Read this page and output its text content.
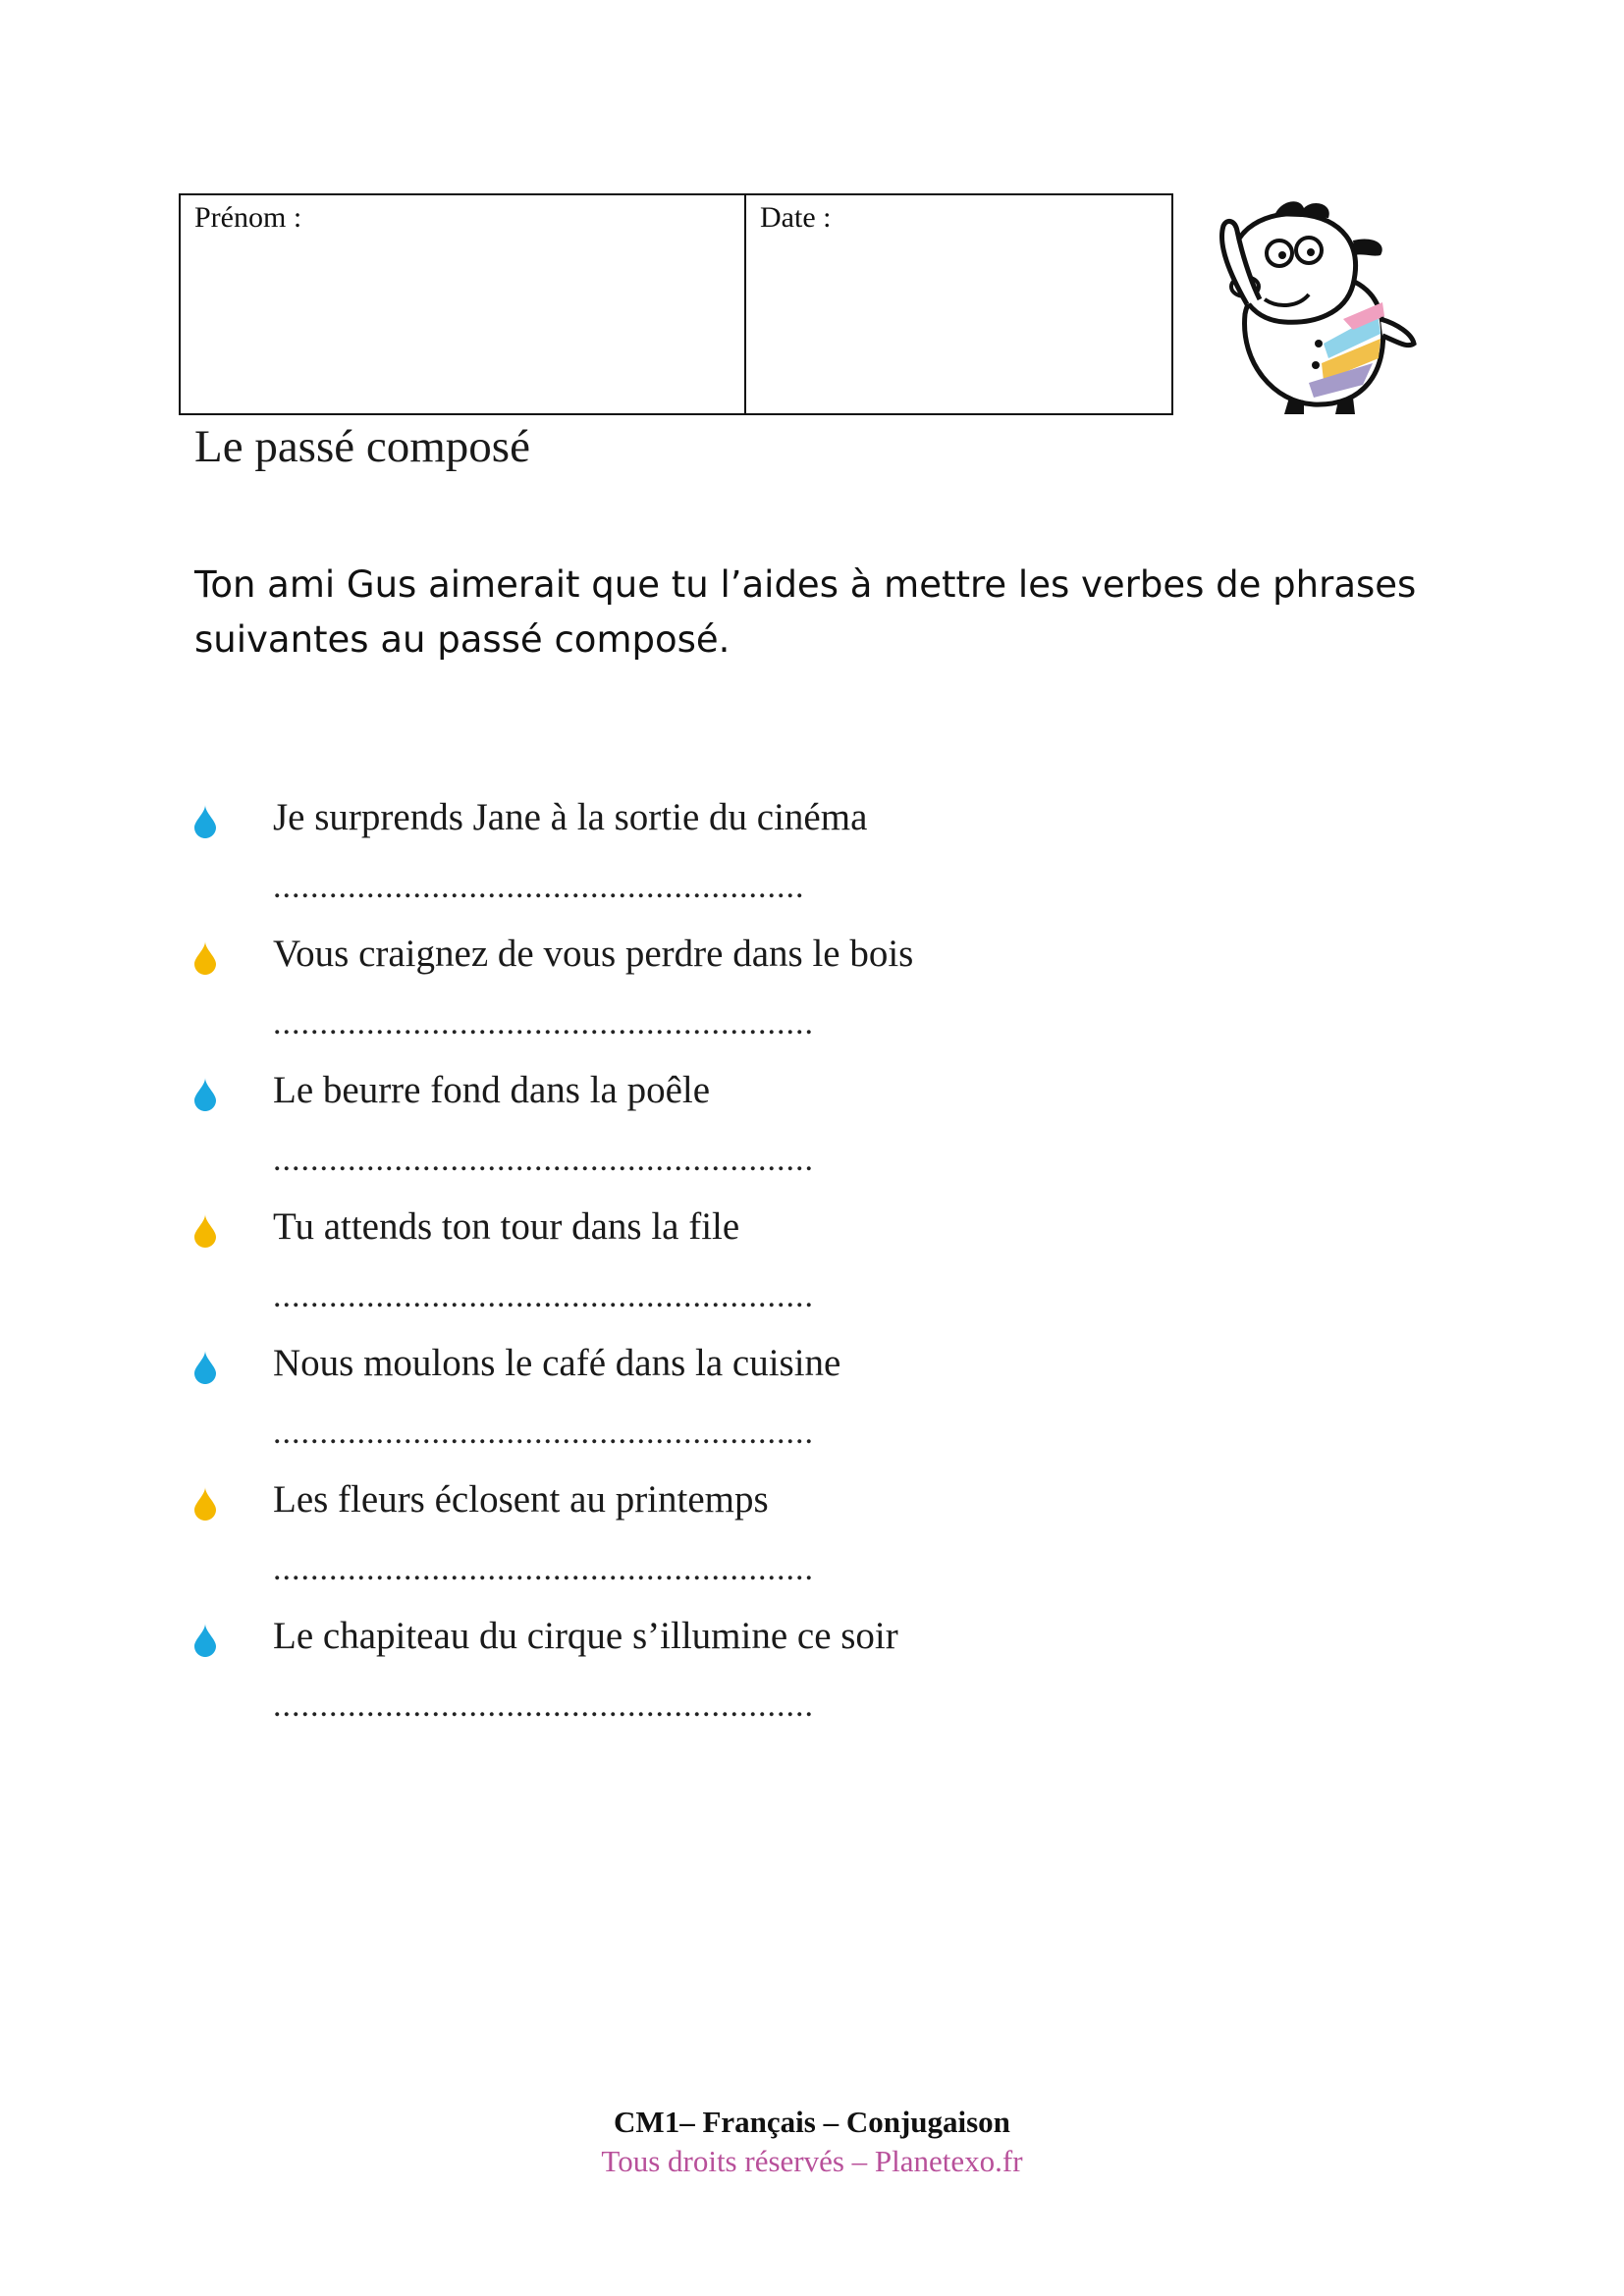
Prénom :	Date :
Le passé composé
Ton ami Gus aimerait que tu l’aides à mettre les verbes de phrases suivantes au passé composé.
Je surprends Jane à la sortie du cinéma
.........................................................
Vous craignez de vous perdre dans le bois
..........................................................
Le beurre fond dans la poêle
..........................................................
Tu attends ton tour dans la file
..........................................................
Nous moulons le café dans la cuisine
..........................................................
Les fleurs éclosent au printemps
..........................................................
Le chapiteau du cirque s’illumine ce soir
..........................................................
CM1– Français – Conjugaison
Tous droits réservés – Planetexo.fr
